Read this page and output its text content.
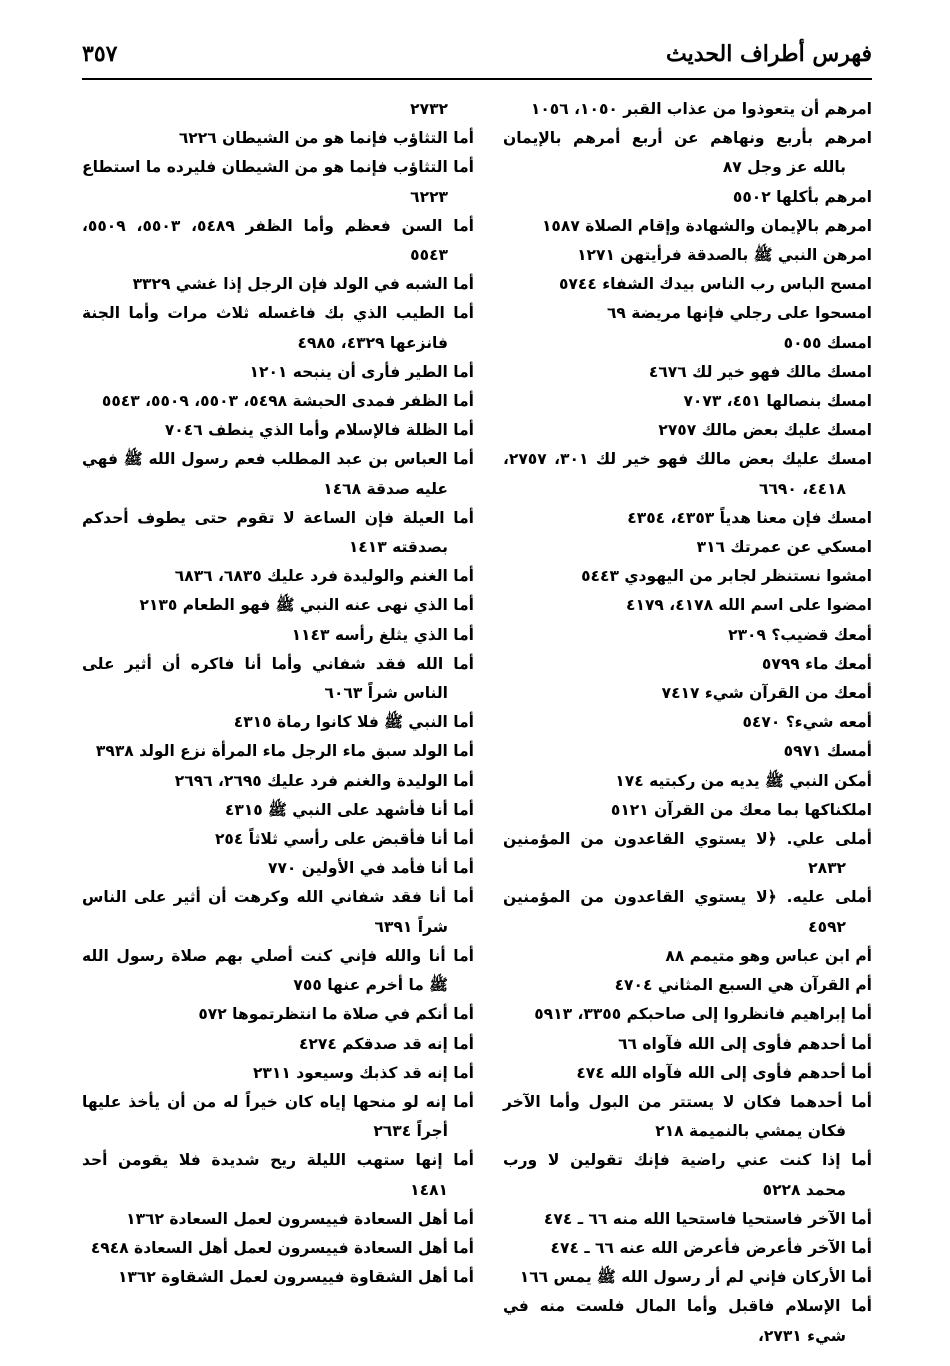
فهرس أطراف الحديث
٣٥٧
امرهم أن يتعوذوا من عذاب القبر ١٠٥٠، ١٠٥٦
امرهم بأربع ونهاهم عن أربع أمرهم بالإيمان بالله عز وجل ٨٧
امرهم بأكلها ٥٥٠٢
امرهم بالإيمان والشهادة وإقام الصلاة ١٥٨٧
امرهن النبي ﷺ بالصدقة فرأيتهن ١٢٧١
امسح الباس رب الناس بيدك الشفاء ٥٧٤٤
امسحوا على رجلي فإنها مريضة ٦٩
امسك ٥٠٥٥
امسك مالك فهو خير لك ٤٦٧٦
امسك بنصالها ٤٥١، ٧٠٧٣
امسك عليك بعض مالك ٢٧٥٧
امسك عليك بعض مالك فهو خير لك ٣٠١، ٢٧٥٧، ٤٤١٨، ٦٦٩٠
امسك فإن معنا هدياً ٤٣٥٣، ٤٣٥٤
امسكي عن عمرتك ٣١٦
امشوا نستنظر لجابر من اليهودي ٥٤٤٣
امضوا على اسم الله ٤١٧٨، ٤١٧٩
أمعك قضيب؟ ٢٣٠٩
أمعك ماء ٥٧٩٩
أمعك من القرآن شيء ٧٤١٧
أمعه شيء؟ ٥٤٧٠
أمسك ٥٩٧١
أمكن النبي ﷺ يديه من ركبتيه ١٧٤
املكناكها بما معك من القرآن ٥١٢١
أملى علي. ﴿لا يستوي القاعدون من المؤمنين ٢٨٣٢
أملى عليه. ﴿لا يستوي القاعدون من المؤمنين ٤٥٩٢
أم ابن عباس وهو متيمم ٨٨
أم القرآن هي السبع المثاني ٤٧٠٤
أما إبراهيم فانظروا إلى صاحبكم ٣٣٥٥، ٥٩١٣
أما أحدهم فأوى إلى الله فآواه ٦٦
أما أحدهم فأوى إلى الله فآواه الله ٤٧٤
أما أحدهما فكان لا يستتر من البول وأما الآخر فكان يمشي بالنميمة ٢١٨
أما إذا كنت عني راضية فإنك تقولين لا ورب محمد ٥٢٢٨
أما الآخر فاستحيا فاستحيا الله منه ٦٦ ـ ٤٧٤
أما الآخر فأعرض فأعرض الله عنه ٦٦ ـ ٤٧٤
أما الأركان فإني لم أر رسول الله ﷺ يمس ١٦٦
أما الإسلام فاقبل وأما المال فلست منه في شيء ٢٧٣١،
٢٧٣٢
أما التثاؤب فإنما هو من الشيطان ٦٢٢٦
أما التثاؤب فإنما هو من الشيطان فليرده ما استطاع ٦٢٢٣
أما السن فعظم وأما الظفر ٥٤٨٩، ٥٥٠٣، ٥٥٠٩، ٥٥٤٣
أما الشبه في الولد فإن الرجل إذا غشي ٣٣٢٩
أما الطيب الذي بك فاغسله ثلاث مرات وأما الجنة فانزعها ٤٣٢٩، ٤٩٨٥
أما الطير فأرى أن ينبحه ١٢٠١
أما الظفر فمدى الحبشة ٥٤٩٨، ٥٥٠٣، ٥٥٠٩، ٥٥٤٣
أما الظلة فالإسلام وأما الذي ينطف ٧٠٤٦
أما العباس بن عبد المطلب فعم رسول الله ﷺ فهي عليه صدقة ١٤٦٨
أما العيلة فإن الساعة لا تقوم حتى يطوف أحدكم بصدقته ١٤١٣
أما الغنم والوليدة فرد عليك ٦٨٣٥، ٦٨٣٦
أما الذي نهى عنه النبي ﷺ فهو الطعام ٢١٣٥
أما الذي يثلغ رأسه ١١٤٣
أما الله فقد شفاني وأما أنا فاكره أن أثير على الناس شراً ٦٠٦٣
أما النبي ﷺ فلا كانوا رماة ٤٣١٥
أما الولد سبق ماء الرجل ماء المرأة نزع الولد ٣٩٣٨
أما الوليدة والغنم فرد عليك ٢٦٩٥، ٢٦٩٦
أما أنا فأشهد على النبي ﷺ ٤٣١٥
أما أنا فأقبض على رأسي ثلاثاً ٢٥٤
أما أنا فأمد في الأولين ٧٧٠
أما أنا فقد شفاني الله وكرهت أن أثير على الناس شراً ٦٣٩١
أما أنا والله فإني كنت أصلي بهم صلاة رسول الله ﷺ ما أخرم عنها ٧٥٥
أما أنكم في صلاة ما انتظرتموها ٥٧٢
أما إنه قد صدقكم ٤٢٧٤
أما إنه قد كذبك وسيعود ٢٣١١
أما إنه لو منحها إياه كان خيراً له من أن يأخذ عليها أجراً ٢٦٣٤
أما إنها ستهب الليلة ريح شديدة فلا يقومن أحد ١٤٨١
أما أهل السعادة فييسرون لعمل السعادة ١٣٦٢
أما أهل السعادة فييسرون لعمل أهل السعادة ٤٩٤٨
أما أهل الشقاوة فييسرون لعمل الشقاوة ١٣٦٢
